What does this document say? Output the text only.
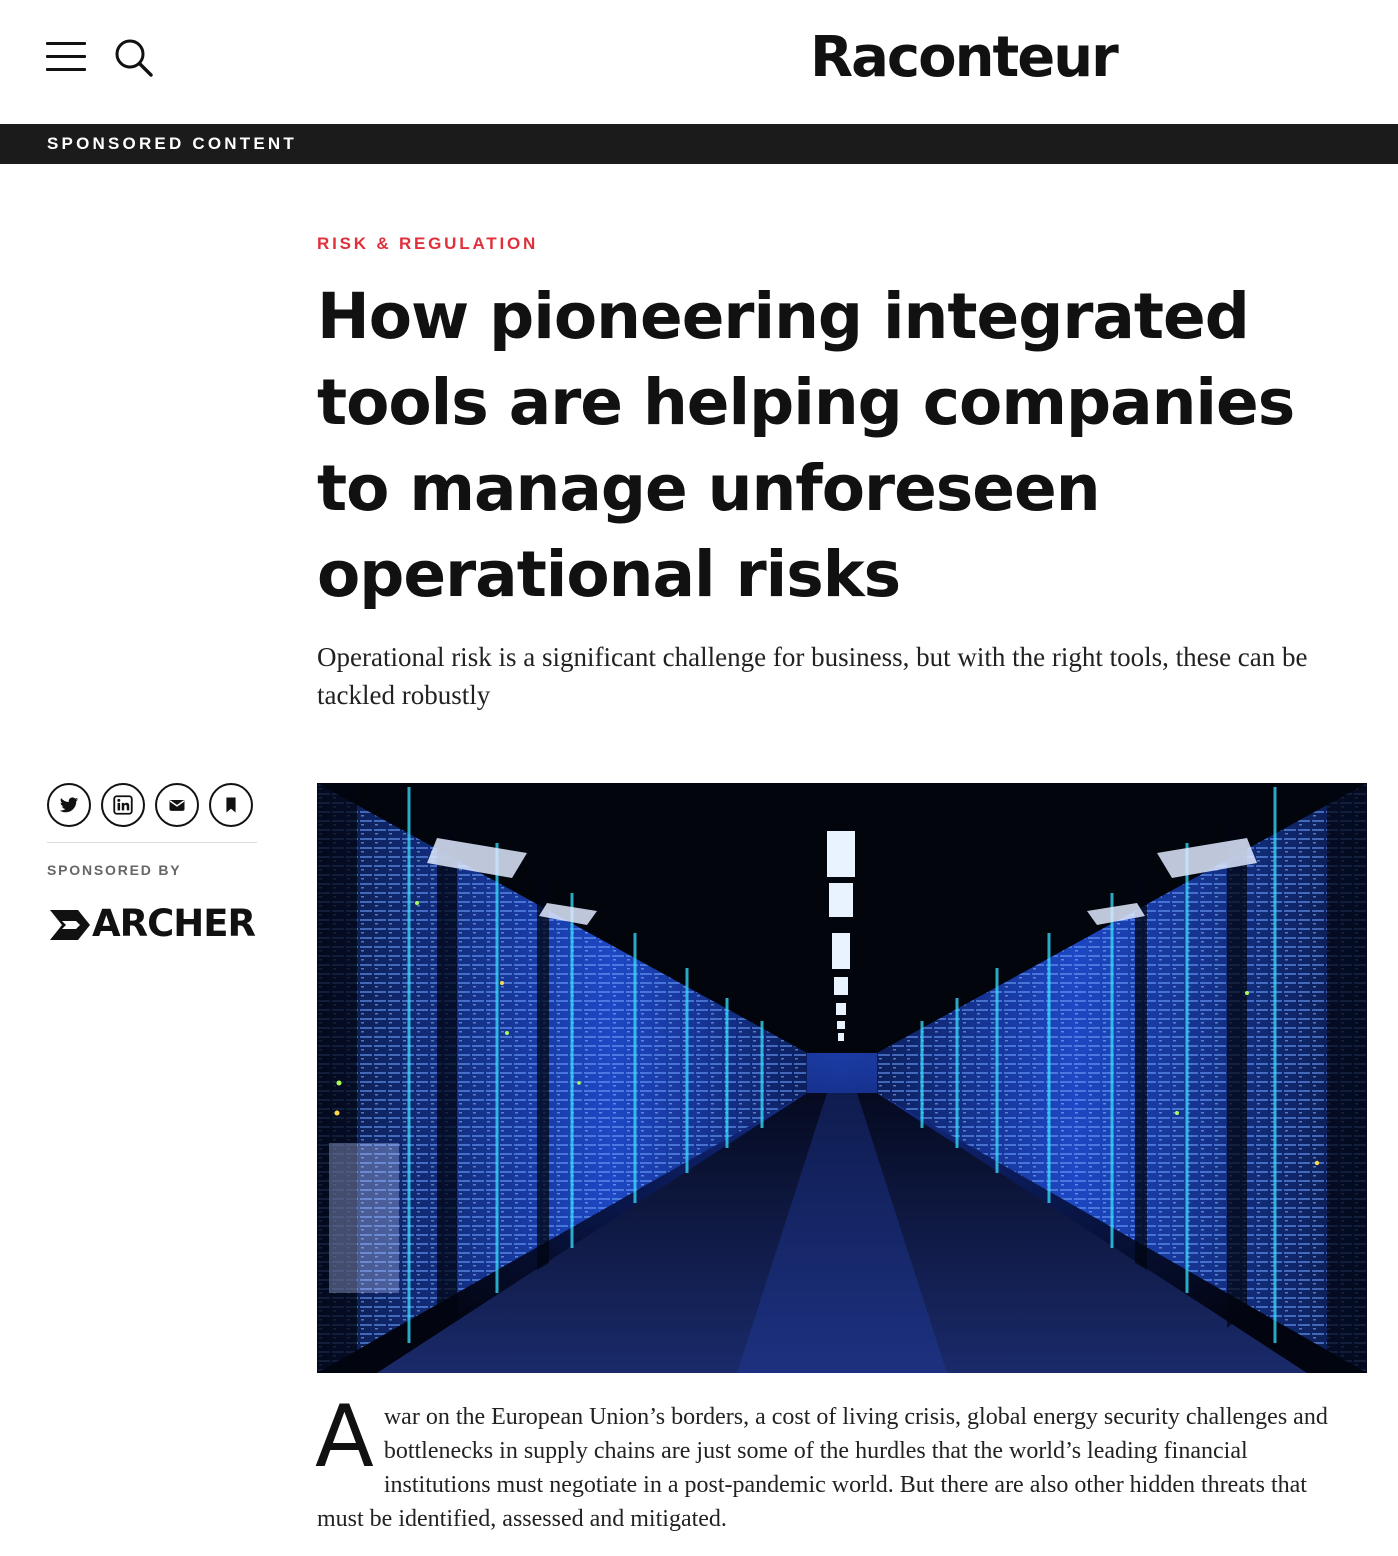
Raconteur
SPONSORED CONTENT
RISK & REGULATION
How pioneering integrated tools are helping companies to manage unforeseen operational risks

Operational risk is a significant challenge for business, but with the right tools, these can be tackled robustly

SPONSORED BY
ARCHER

Awar on the European Union’s borders, a cost of living crisis, global energy security challenges and bottlenecks in supply chains are just some of the hurdles that the world’s leading financial institutions must negotiate in a post-pandemic world. But there are also other hidden threats that must be identified, assessed and mitigated.
